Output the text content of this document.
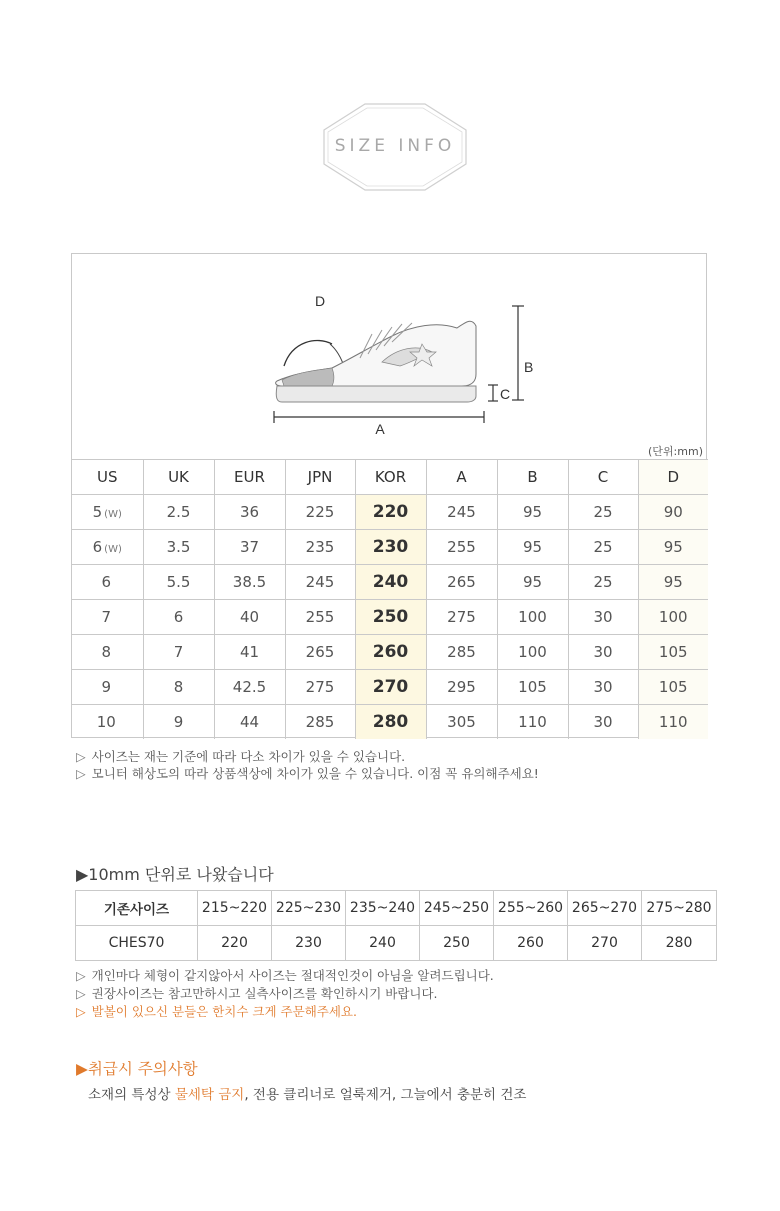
SIZE INFO
A
B
C
D
(단위:mm)
US	UK	EUR	JPN	KOR	A	B	C	D
5 (W)	2.5	36	225	220	245	95	25	90
6 (W)	3.5	37	235	230	255	95	25	95
6	5.5	38.5	245	240	265	95	25	95
7	6	40	255	250	275	100	30	100
8	7	41	265	260	285	100	30	105
9	8	42.5	275	270	295	105	30	105
10	9	44	285	280	305	110	30	110
▷ 사이즈는 재는 기준에 따라 다소 차이가 있을 수 있습니다.
▷ 모니터 해상도의 따라 상품색상에 차이가 있을 수 있습니다. 이점 꼭 유의해주세요!
▶10mm 단위로 나왔습니다
기존사이즈	215~220	225~230	235~240	245~250	255~260	265~270	275~280
CHES70	220	230	240	250	260	270	280
▷ 개인마다 체형이 같지않아서 사이즈는 절대적인것이 아님을 알려드립니다.
▷ 권장사이즈는 참고만하시고 실측사이즈를 확인하시기 바랍니다.
▷ 발볼이 있으신 분들은 한치수 크게 주문해주세요.
▶취급시 주의사항
소재의 특성상 물세탁 금지, 전용 클리너로 얼룩제거, 그늘에서 충분히 건조
